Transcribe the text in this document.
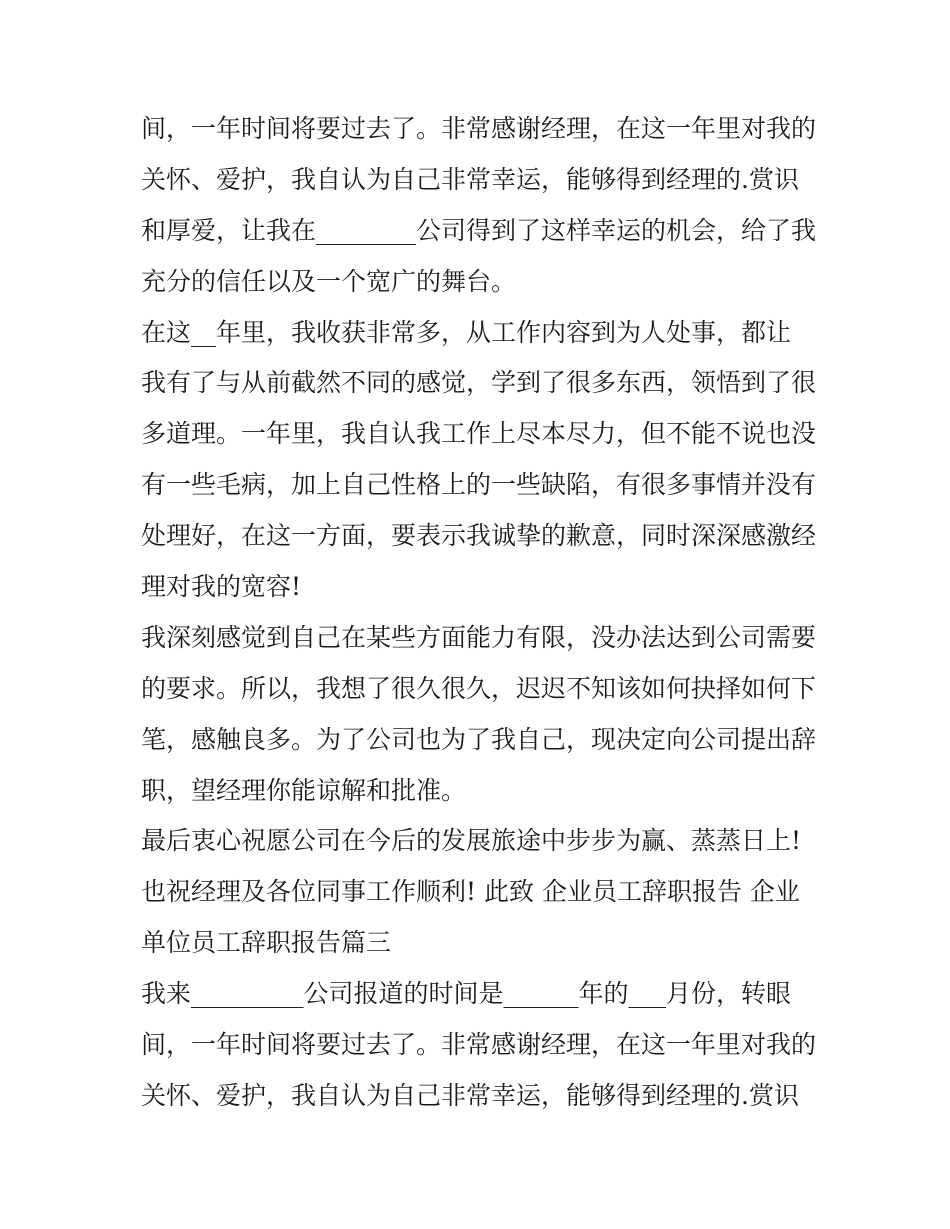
间，一年时间将要过去了。非常感谢经理，在这一年里对我的
关怀、爱护，我自认为自己非常幸运，能够得到经理的.赏识
和厚爱，让我在________公司得到了这样幸运的机会，给了我
充分的信任以及一个宽广的舞台。
在这__年里，我收获非常多，从工作内容到为人处事，都让
我有了与从前截然不同的感觉，学到了很多东西，领悟到了很
多道理。一年里，我自认我工作上尽本尽力，但不能不说也没
有一些毛病，加上自己性格上的一些缺陷，有很多事情并没有
处理好，在这一方面，要表示我诚挚的歉意，同时深深感激经
理对我的宽容!
我深刻感觉到自己在某些方面能力有限，没办法达到公司需要
的要求。所以，我想了很久很久，迟迟不知该如何抉择如何下
笔，感触良多。为了公司也为了我自己，现决定向公司提出辞
职，望经理你能谅解和批准。
最后衷心祝愿公司在今后的发展旅途中步步为赢、蒸蒸日上!
也祝经理及各位同事工作顺利! 此致 企业员工辞职报告 企业
单位员工辞职报告篇三
我来_________公司报道的时间是______年的___月份，转眼
间，一年时间将要过去了。非常感谢经理，在这一年里对我的
关怀、爱护，我自认为自己非常幸运，能够得到经理的.赏识
